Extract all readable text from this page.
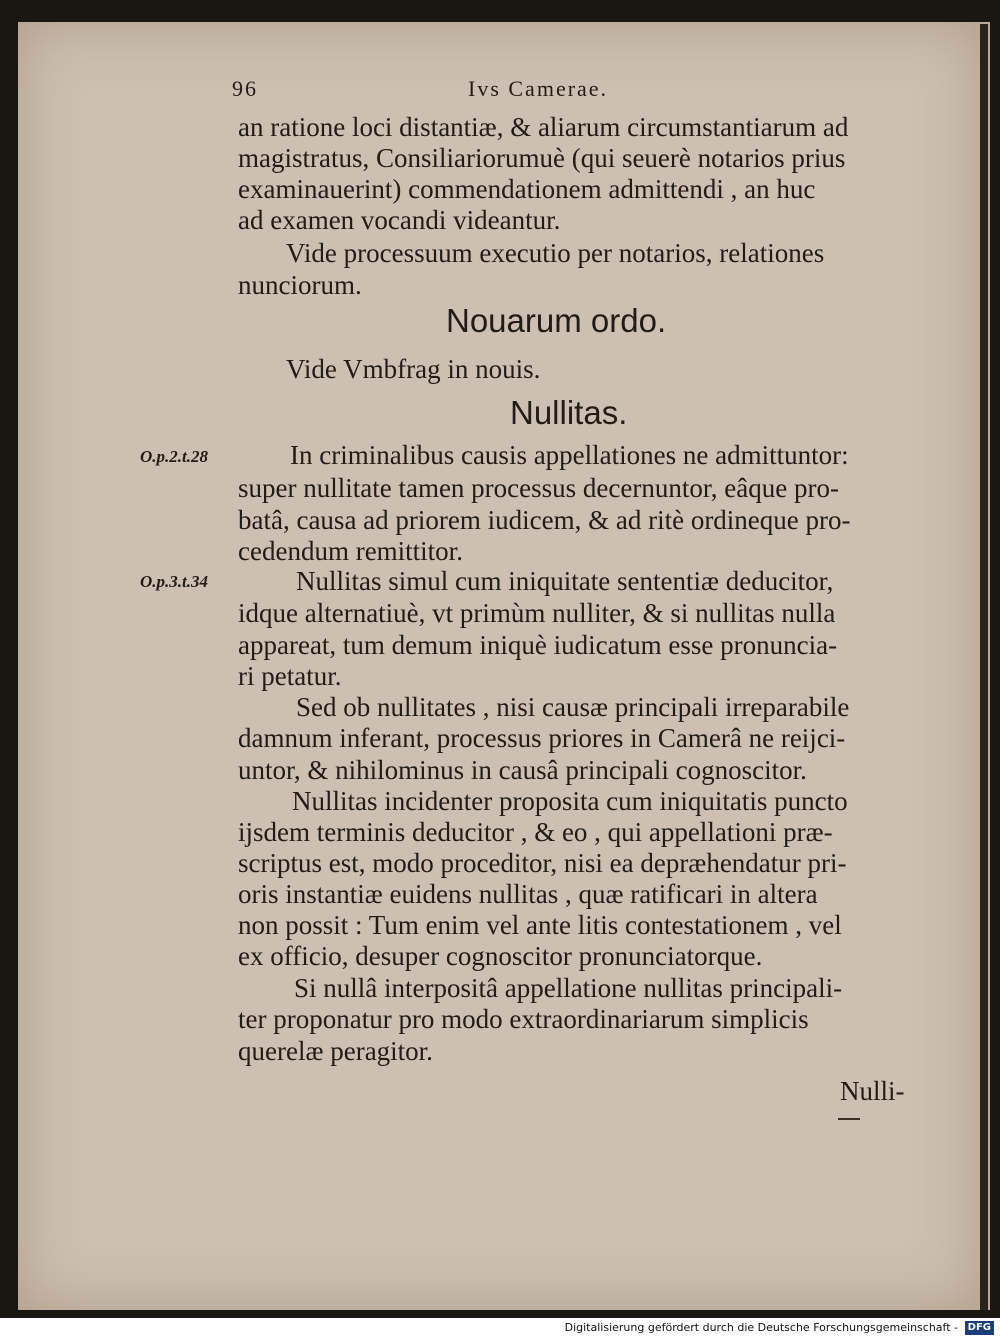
96	Ivs Camerae.
an ratione loci distantiæ, & aliarum circumstantiarum ad
magistratus, Consiliariorumuè (qui seuerè notarios prius
examinauerint) commendationem admittendi , an huc
ad examen vocandi videantur.
Vide processuum executio per notarios, relationes
nunciorum.
Nouarum ordo.
Vide Vmbfrag in nouis.
Nullitas.
O.p.2.t.28	In criminalibus causis appellationes ne admittuntor:
super nullitate tamen processus decernuntor, eâque pro-
batâ, causa ad priorem iudicem, & ad ritè ordineque pro-
cedendum remittitor.
O.p.3.t.34	Nullitas simul cum iniquitate sententiæ deducitor,
idque alternatiuè, vt primùm nulliter, & si nullitas nulla
appareat, tum demum iniquè iudicatum esse pronuncia-
ri petatur.
Sed ob nullitates , nisi causæ principali irreparabile
damnum inferant, processus priores in Camerâ ne reijci-
untor, & nihilominus in causâ principali cognoscitor.
Nullitas incidenter proposita cum iniquitatis puncto
ijsdem terminis deducitor , & eo , qui appellationi præ-
scriptus est, modo proceditor, nisi ea depræhendatur pri-
oris instantiæ euidens nullitas , quæ ratificari in altera
non possit : Tum enim vel ante litis contestationem , vel
ex officio, desuper cognoscitor pronunciatorque.
Si nullâ interpositâ appellatione nullitas principali-
ter proponatur pro modo extraordinariarum simplicis
querelæ peragitor.
Nulli-
Digitalisierung gefördert durch die Deutsche Forschungsgemeinschaft - DFG
